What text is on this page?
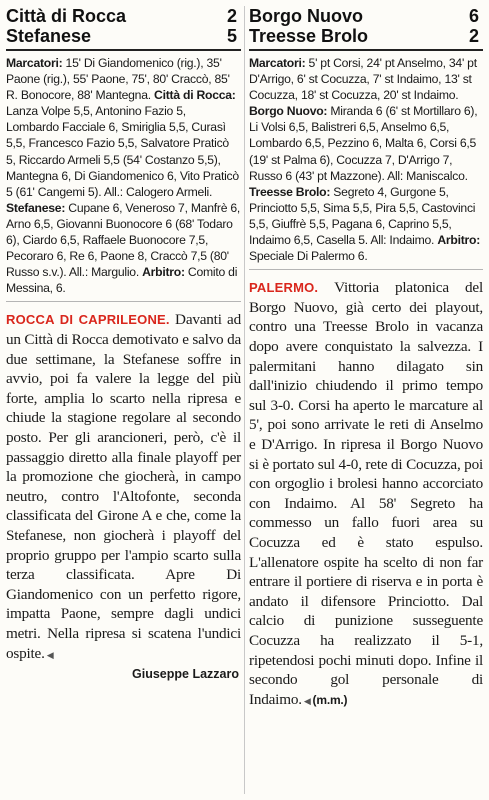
Città di Rocca	2
Stefanese	5
Marcatori: 15' Di Giandomenico (rig.), 35' Paone (rig.), 55' Paone, 75', 80' Craccò, 85' R. Bonocore, 88' Mantegna. Città di Rocca: Lanza Volpe 5,5, Antonino Fazio 5, Lombardo Facciale 6, Smiriglia 5,5, Curasì 5,5, Francesco Fazio 5,5, Salvatore Praticò 5, Riccardo Armeli 5,5 (54' Costanzo 5,5), Mantegna 6, Di Giandomenico 6, Vito Praticò 5 (61' Cangemi 5). All.: Calogero Armeli. Stefanese: Cupane 6, Veneroso 7, Manfrè 6, Arno 6,5, Giovanni Buonocore 6 (68' Todaro 6), Ciardo 6,5, Raffaele Buonocore 7,5, Pecoraro 6, Re 6, Paone 8, Craccò 7,5 (80' Russo s.v.). All.: Margulio. Arbitro: Comito di Messina, 6.
ROCCA DI CAPRILEONE. Davanti ad un Città di Rocca demotivato e salvo da due settimane, la Stefanese soffre in avvio, poi fa valere la legge del più forte, amplia lo scarto nella ripresa e chiude la stagione regolare al secondo posto. Per gli arancioneri, però, c'è il passaggio diretto alla finale playoff per la promozione che giocherà, in campo neutro, contro l'Altofonte, seconda classificata del Girone A e che, come la Stefanese, non giocherà i playoff del proprio gruppo per l'ampio scarto sulla terza classificata. Apre Di Giandomenico con un perfetto rigore, impatta Paone, sempre dagli undici metri. Nella ripresa si scatena l'undici ospite. ◀
Giuseppe Lazzaro
Borgo Nuovo	6
Treesse Brolo	2
Marcatori: 5' pt Corsi, 24' pt Anselmo, 34' pt D'Arrigo, 6' st Cocuzza, 7' st Indaimo, 13' st Cocuzza, 18' st Cocuzza, 20' st Indaimo. Borgo Nuovo: Miranda 6 (6' st Mortillaro 6), Li Volsi 6,5, Balistreri 6,5, Anselmo 6,5, Lombardo 6,5, Pezzino 6, Malta 6, Corsi 6,5 (19' st Palma 6), Cocuzza 7, D'Arrigo 7, Russo 6 (43' pt Mazzone). All: Maniscalco. Treesse Brolo: Segreto 4, Gurgone 5, Princiotto 5,5, Sima 5,5, Pira 5,5, Castovinci 5,5, Giuffrè 5,5, Pagana 6, Caprino 5,5, Indaimo 6,5, Casella 5. All: Indaimo. Arbitro: Speciale Di Palermo 6.
PALERMO. Vittoria platonica del Borgo Nuovo, già certo dei playout, contro una Treesse Brolo in vacanza dopo avere conquistato la salvezza. I palermitani hanno dilagato sin dall'inizio chiudendo il primo tempo sul 3-0. Corsi ha aperto le marcature al 5', poi sono arrivate le reti di Anselmo e D'Arrigo. In ripresa il Borgo Nuovo si è portato sul 4-0, rete di Cocuzza, poi con orgoglio i brolesi hanno accorciato con Indaimo. Al 58' Segreto ha commesso un fallo fuori area su Cocuzza ed è stato espulso. L'allenatore ospite ha scelto di non far entrare il portiere di riserva e in porta è andato il difensore Princiotto. Dal calcio di punizione susseguente Cocuzza ha realizzato il 5-1, ripetendosi pochi minuti dopo. Infine il secondo gol personale di Indaimo. ◀ (m.m.)
